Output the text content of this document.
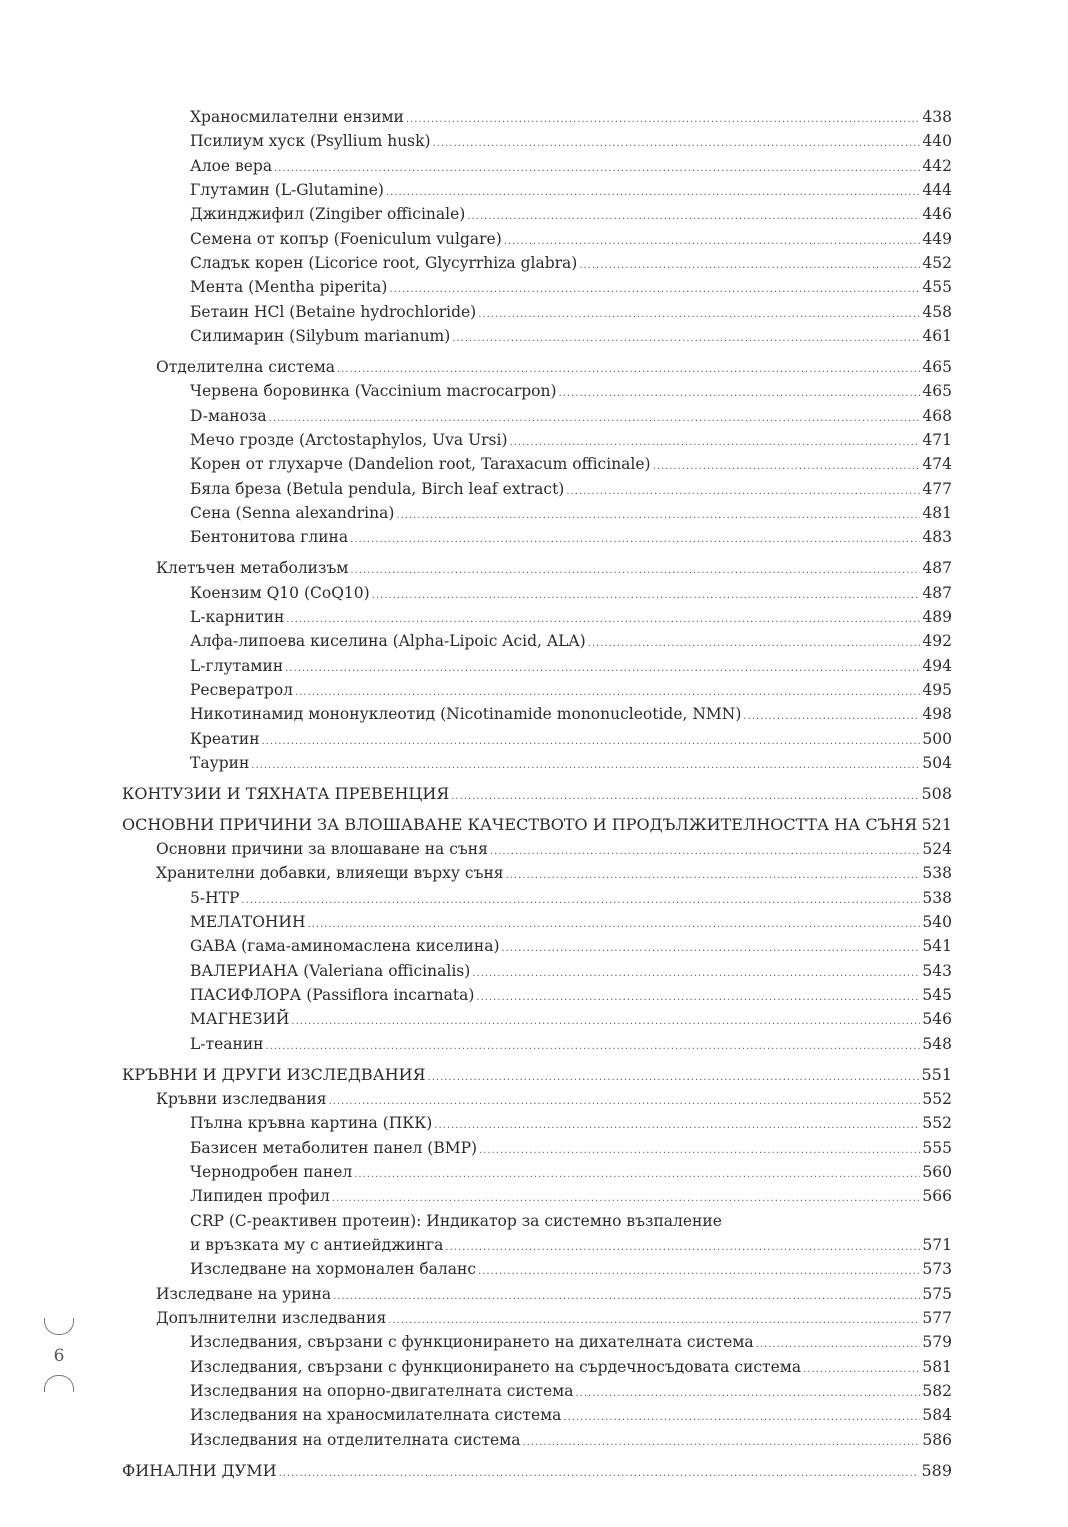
Храносмилателни ензими .....	438
Псилиум хуск (Psyllium husk) .....	440
Алое вера .....	442
Глутамин (L-Glutamine) .....	444
Джинджифил (Zingiber officinale) .....	446
Семена от копър (Foeniculum vulgare) .....	449
Сладък корен (Licorice root, Glycyrrhiza glabra) .....	452
Мента (Mentha piperita) .....	455
Бетаин HCl (Betaine hydrochloride) .....	458
Силимарин (Silybum marianum) .....	461
Отделителна система .....	465
Червена боровинка (Vaccinium macrocarpon) .....	465
D-маноза .....	468
Мечо грозде (Arctostaphylos, Uva Ursi) .....	471
Корен от глухарче (Dandelion root, Taraxacum officinale) .....	474
Бяла бреза (Betula pendula, Birch leaf extract) .....	477
Сена (Senna alexandrina) .....	481
Бентонитова глина .....	483
Клетъчен метаболизъм .....	487
Коензим Q10 (CoQ10) .....	487
L-карнитин .....	489
Алфа-липоева киселина (Alpha-Lipoic Acid, ALA) .....	492
L-глутамин .....	494
Ресвератрол .....	495
Никотинамид мононуклеотид (Nicotinamide mononucleotide, NMN) .....	498
Креатин .....	500
Таурин .....	504
КОНТУЗИИ И ТЯХНАТА ПРЕВЕНЦИЯ .....	508
ОСНОВНИ ПРИЧИНИ ЗА ВЛОШАВАНЕ КАЧЕСТВОТО И ПРОДЪЛЖИТЕЛНОСТТА НА СЪНЯ ..... 521
Основни причини за влошаване на съня .....	524
Хранителни добавки, влияещи върху съня .....	538
5-HTP .....	538
МЕЛАТОНИН .....	540
GABA (гама-аминомаслена киселина) .....	541
ВАЛЕРИАНА (Valeriana officinalis) .....	543
ПАСИФЛОРА (Passiflora incarnata) .....	545
МАГНЕЗИЙ .....	546
L-теанин .....	548
КРЪВНИ И ДРУГИ ИЗСЛЕДВАНИЯ .....	551
Кръвни изследвания .....	552
Пълна кръвна картина (ПКК) .....	552
Базисен метаболитен панел (BMP) .....	555
Чернодробен панел .....	560
Липиден профил .....	566
CRP (C-реактивен протеин): Индикатор за системно възпаление
и връзката му с антиейджинга .....	571
Изследване на хормонален баланс .....	573
Изследване на урина .....	575
Допълнителни изследвания .....	577
Изследвания, свързани с функционирането на дихателната система .....	579
Изследвания, свързани с функционирането на сърдечносъдовата система .....	581
Изследвания на опорно-двигателната система .....	582
Изследвания на храносмилателната система .....	584
Изследвания на отделителната система .....	586
ФИНАЛНИ ДУМИ .....	589
6
